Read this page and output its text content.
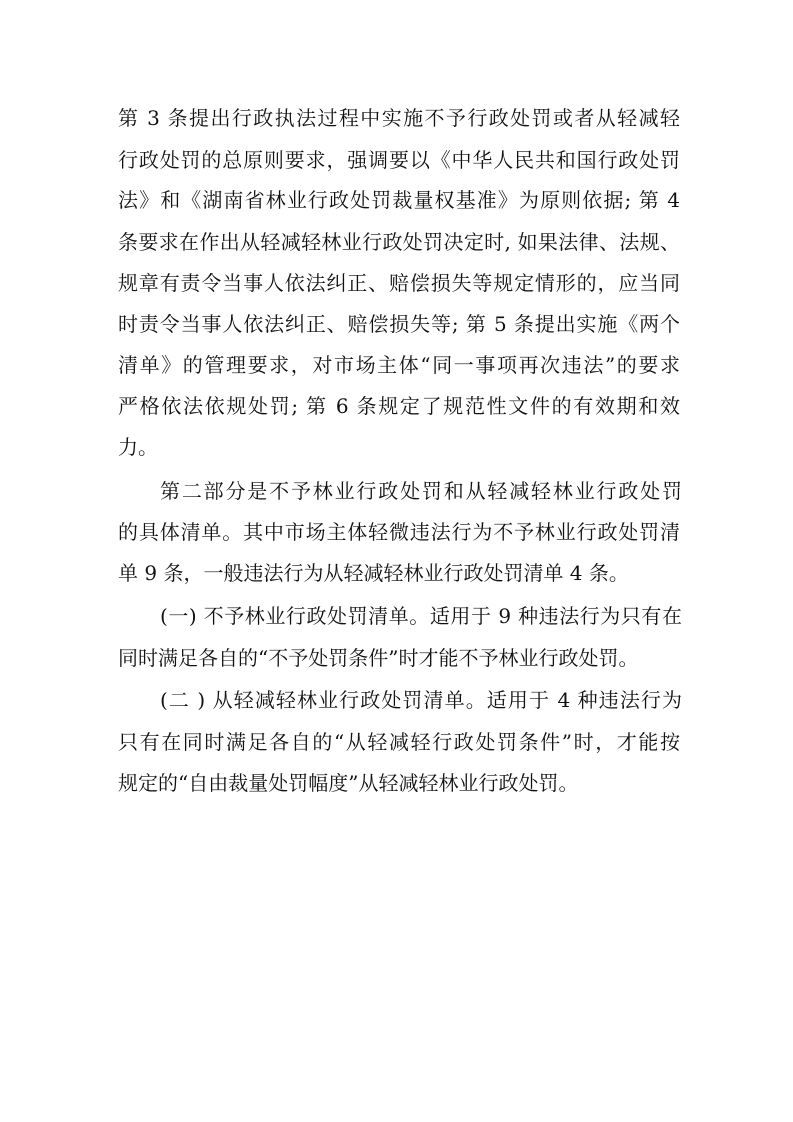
第 3 条提出行政执法过程中实施不予行政处罚或者从轻减轻
行政处罚的总原则要求，强调要以《中华人民共和国行政处罚
法》和《湖南省林业行政处罚裁量权基准》为原则依据; 第 4
条要求在作出从轻减轻林业行政处罚决定时, 如果法律、法规、
规章有责令当事人依法纠正、赔偿损失等规定情形的，应当同
时责令当事人依法纠正、赔偿损失等; 第 5 条提出实施《两个
清单》的管理要求，对市场主体“同一事项再次违法”的要求
严格依法依规处罚; 第 6 条规定了规范性文件的有效期和效
力。
第二部分是不予林业行政处罚和从轻减轻林业行政处罚
的具体清单。其中市场主体轻微违法行为不予林业行政处罚清
单 9 条，一般违法行为从轻减轻林业行政处罚清单 4 条。
(一) 不予林业行政处罚清单。适用于 9 种违法行为只有在
同时满足各自的“不予处罚条件”时才能不予林业行政处罚。
(二 ) 从轻减轻林业行政处罚清单。适用于 4 种违法行为
只有在同时满足各自的“从轻减轻行政处罚条件”时，才能按
规定的“自由裁量处罚幅度”从轻减轻林业行政处罚。
